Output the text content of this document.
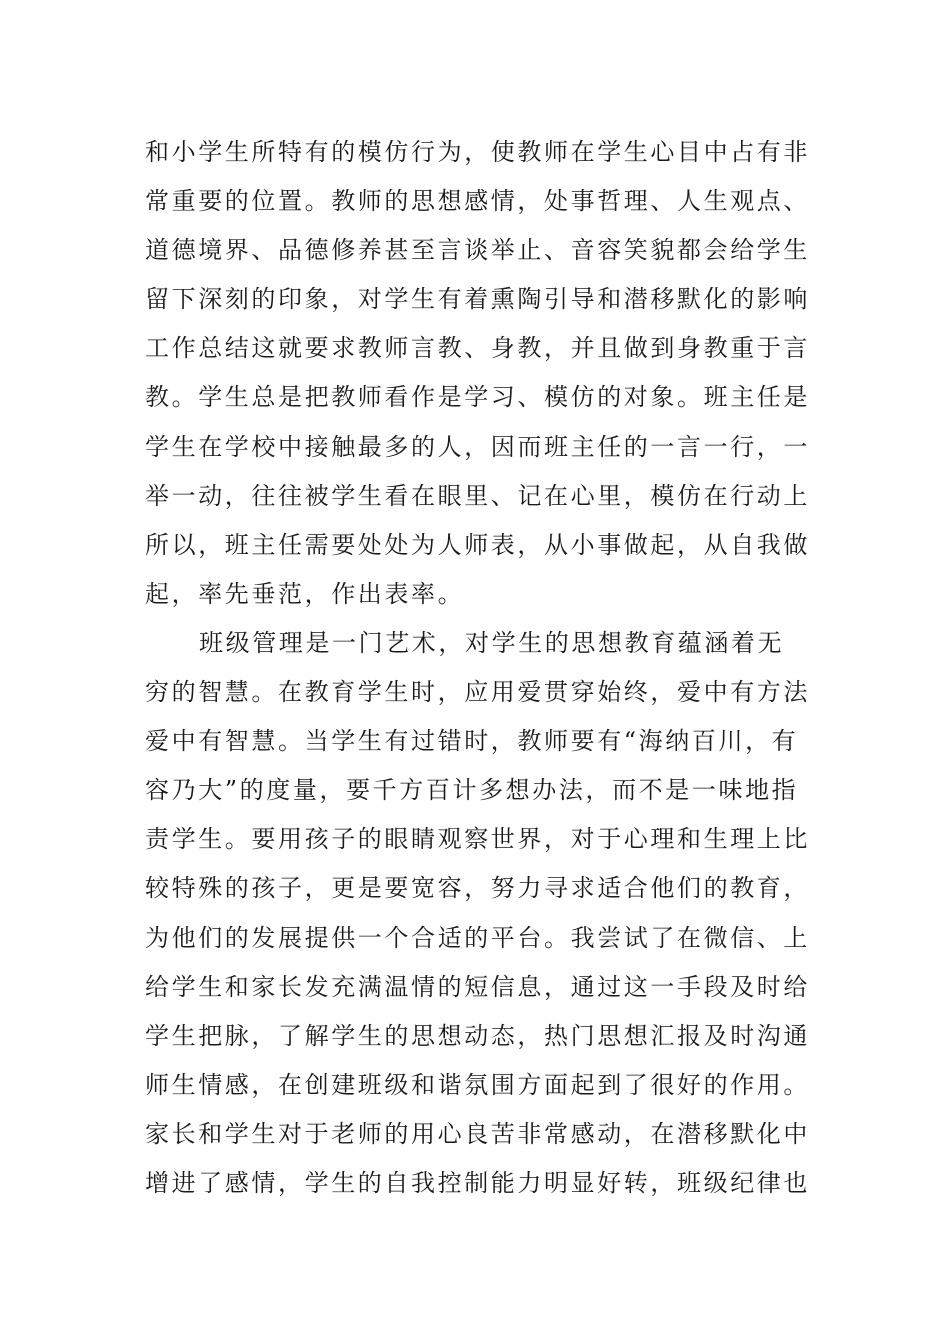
和小学生所特有的模仿行为，使教师在学生心目中占有非
常重要的位置。教师的思想感情，处事哲理、人生观点、
道德境界、品德修养甚至言谈举止、音容笑貌都会给学生
留下深刻的印象，对学生有着熏陶引导和潜移默化的影响
工作总结这就要求教师言教、身教，并且做到身教重于言
教。学生总是把教师看作是学习、模仿的对象。班主任是
学生在学校中接触最多的人，因而班主任的一言一行，一
举一动，往往被学生看在眼里、记在心里，模仿在行动上
所以，班主任需要处处为人师表，从小事做起，从自我做
起，率先垂范，作出表率。
班级管理是一门艺术，对学生的思想教育蕴涵着无
穷的智慧。在教育学生时，应用爱贯穿始终，爱中有方法
爱中有智慧。当学生有过错时，教师要有“海纳百川，有
容乃大”的度量，要千方百计多想办法，而不是一味地指
责学生。要用孩子的眼睛观察世界，对于心理和生理上比
较特殊的孩子，更是要宽容，努力寻求适合他们的教育，
为他们的发展提供一个合适的平台。我尝试了在微信、上
给学生和家长发充满温情的短信息，通过这一手段及时给
学生把脉，了解学生的思想动态，热门思想汇报及时沟通
师生情感，在创建班级和谐氛围方面起到了很好的作用。
家长和学生对于老师的用心良苦非常感动，在潜移默化中
增进了感情，学生的自我控制能力明显好转，班级纪律也
